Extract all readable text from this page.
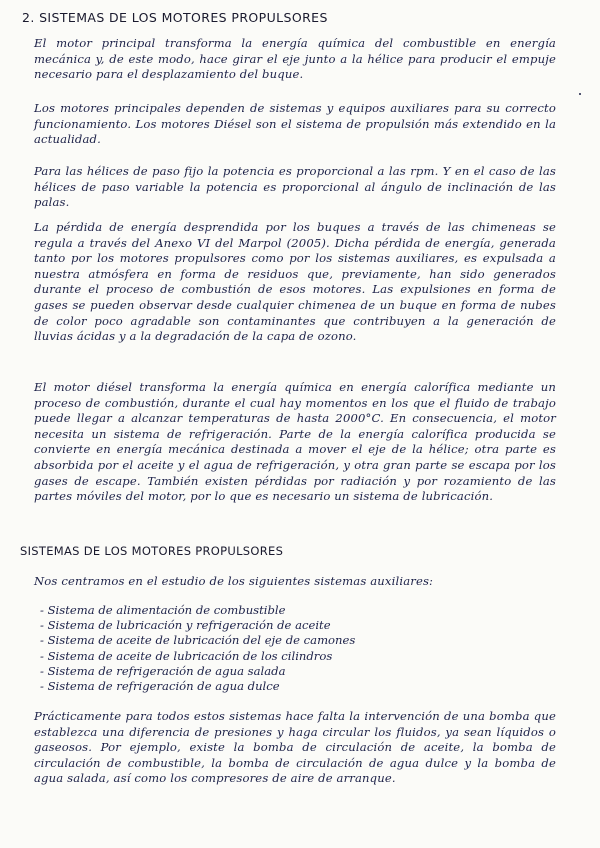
2. SISTEMAS DE LOS MOTORES PROPULSORES

El motor principal transforma la energía química del combustible en energía mecánica y, de este modo, hace girar el eje junto a la hélice para producir el empuje necesario para el desplazamiento del buque.

Los motores principales dependen de sistemas y equipos auxiliares para su correcto funcionamiento. Los motores Diésel son el sistema de propulsión más extendido en la actualidad.

Para las hélices de paso fijo la potencia es proporcional a las rpm. Y en el caso de las hélices de paso variable la potencia es proporcional al ángulo de inclinación de las palas.

La pérdida de energía desprendida por los buques a través de las chimeneas se regula a través del Anexo VI del Marpol (2005). Dicha pérdida de energía, generada tanto por los motores propulsores como por los sistemas auxiliares, es expulsada a nuestra atmósfera en forma de residuos que, previamente, han sido generados durante el proceso de combustión de esos motores. Las expulsiones en forma de gases se pueden observar desde cualquier chimenea de un buque en forma de nubes de color poco agradable son contaminantes que contribuyen a la generación de lluvias ácidas y a la degradación de la capa de ozono.

El motor diésel transforma la energía química en energía calorífica mediante un proceso de combustión, durante el cual hay momentos en los que el fluido de trabajo puede llegar a alcanzar temperaturas de hasta 2000°C. En consecuencia, el motor necesita un sistema de refrigeración. Parte de la energía calorífica producida se convierte en energía mecánica destinada a mover el eje de la hélice; otra parte es absorbida por el aceite y el agua de refrigeración, y otra gran parte se escapa por los gases de escape. También existen pérdidas por radiación y por rozamiento de las partes móviles del motor, por lo que es necesario un sistema de lubricación.

SISTEMAS DE LOS MOTORES PROPULSORES

Nos centramos en el estudio de los siguientes sistemas auxiliares:

- Sistema de alimentación de combustible
- Sistema de lubricación y refrigeración de aceite
- Sistema de aceite de lubricación del eje de camones
- Sistema de aceite de lubricación de los cilindros
- Sistema de refrigeración de agua salada
- Sistema de refrigeración de agua dulce

Prácticamente para todos estos sistemas hace falta la intervención de una bomba que establezca una diferencia de presiones y haga circular los fluidos, ya sean líquidos o gaseosos. Por ejemplo, existe la bomba de circulación de aceite, la bomba de circulación de combustible, la bomba de circulación de agua dulce y la bomba de agua salada, así como los compresores de aire de arranque.
